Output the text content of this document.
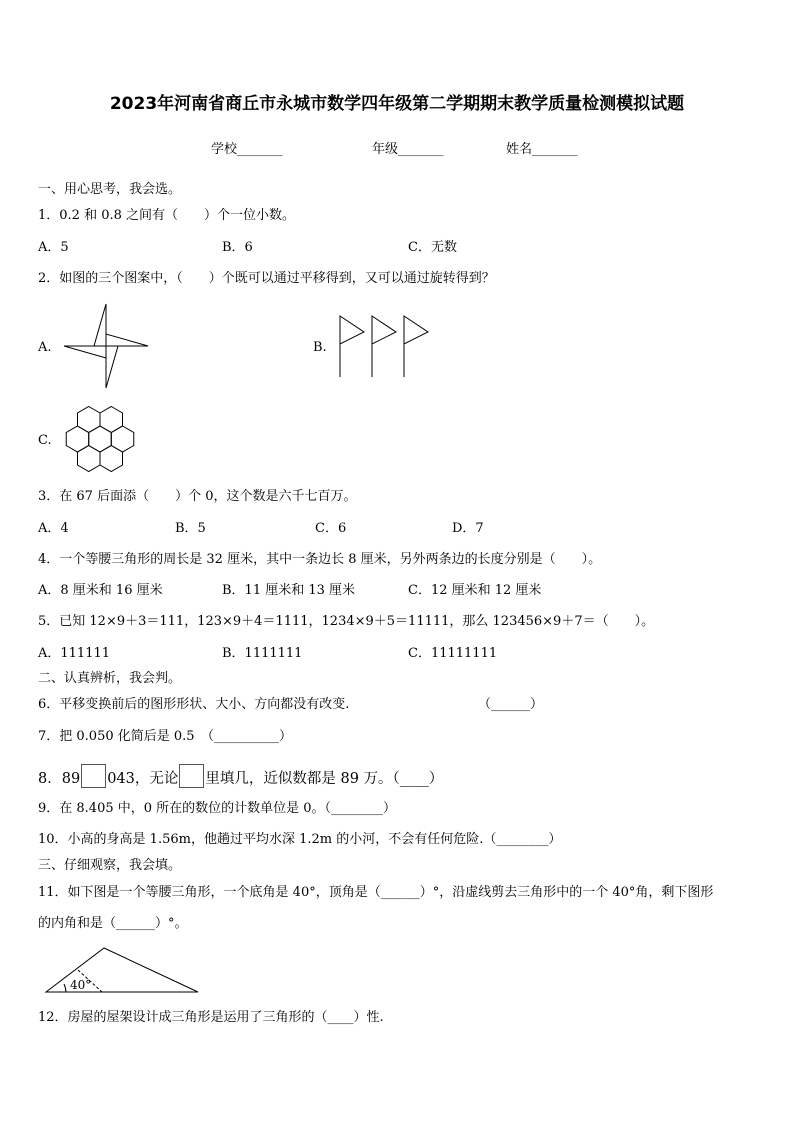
2023年河南省商丘市永城市数学四年级第二学期期末教学质量检测模拟试题
学校_______	年级_______	姓名_______
一、用心思考，我会选。
1．0.2 和 0.8 之间有（　　）个一位小数。
A．5	B．6	C．无数
2．如图的三个图案中，（　　）个既可以通过平移得到，又可以通过旋转得到？
A.	B.
C.
3．在 67 后面添（　　）个 0，这个数是六千七百万。
A．4	B．5	C．6	D．7
4．一个等腰三角形的周长是 32 厘米，其中一条边长 8 厘米，另外两条边的长度分别是（　　）。
A．8 厘米和 16 厘米	B．11 厘米和 13 厘米	C．12 厘米和 12 厘米
5．已知 12×9＋3＝111，123×9＋4＝1111，1234×9＋5＝11111，那么 123456×9＋7＝（　　）。
A．111111	B．1111111	C．11111111
二、认真辨析，我会判。
6．平移变换前后的图形形状、大小、方向都没有改变.	（______）
7．把 0.050 化简后是 0.5　（__________）
8．89 043，无论 里填几，近似数都是 89 万。（____）
9．在 8.405 中，0 所在的数位的计数单位是 0。（________）
10．小高的身高是 1.56m，他趟过平均水深 1.2m 的小河，不会有任何危险.（________）
三、仔细观察，我会填。
11．如下图是一个等腰三角形，一个底角是 40°，顶角是（______）°，沿虚线剪去三角形中的一个 40°角，剩下图形
的内角和是（______）°。
40°
12．房屋的屋架设计成三角形是运用了三角形的（____）性.
